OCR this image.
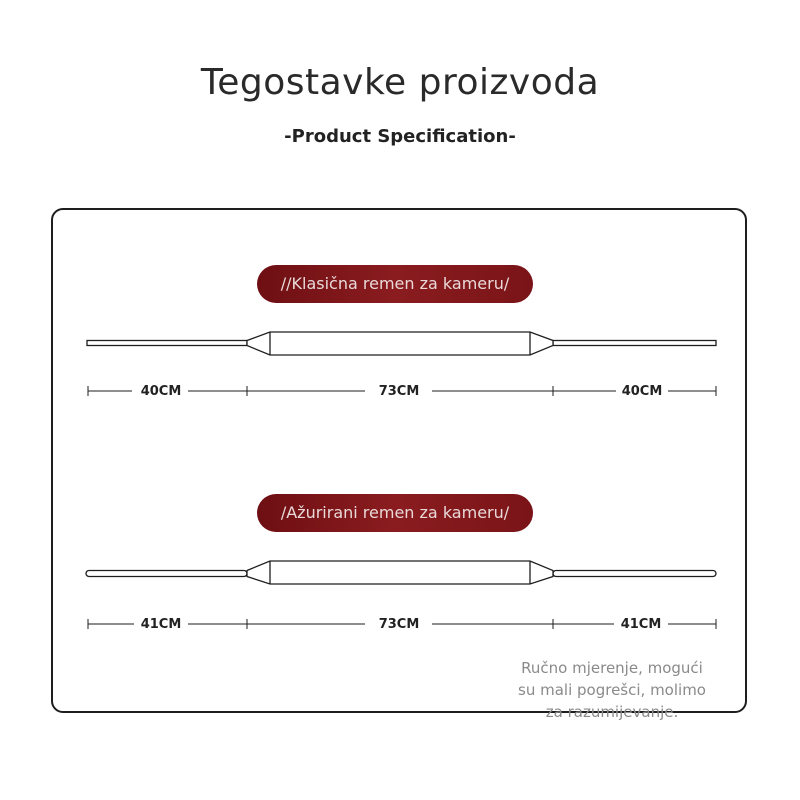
Tegostavke proizvoda
-Product Specification-
//Klasična remen za kameru/
/Ažurirani remen za kameru/
40CM	73CM	40CM
41CM	73CM	41CM
Ručno mjerenje, mogući
su mali pogrešci, molimo
za razumijevanje.
